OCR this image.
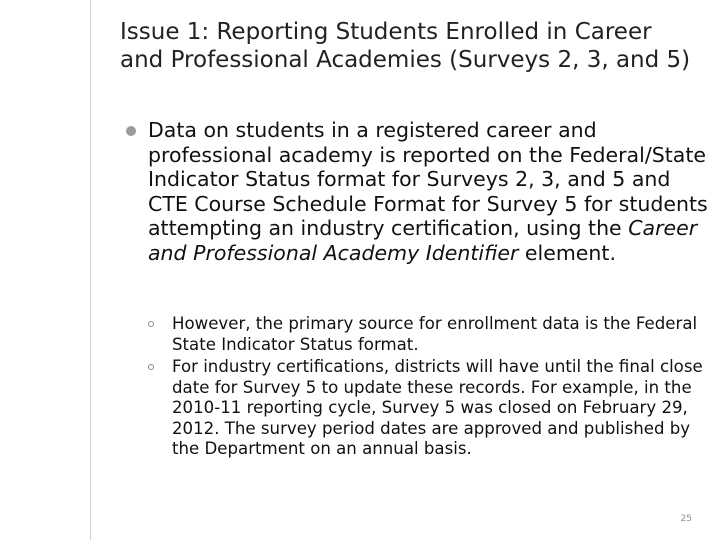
Issue 1: Reporting Students Enrolled in Career and Professional Academies (Surveys 2, 3, and 5)
Data on students in a registered career and professional academy is reported on the Federal/State Indicator Status format for Surveys 2, 3, and 5 and CTE Course Schedule Format for Survey 5 for students attempting an industry certification, using the Career and Professional Academy Identifier element.
However, the primary source for enrollment data is the Federal State Indicator Status format.
For industry certifications, districts will have until the final close date for Survey 5 to update these records. For example, in the 2010-11 reporting cycle, Survey 5 was closed on February 29, 2012. The survey period dates are approved and published by the Department on an annual basis.
25
